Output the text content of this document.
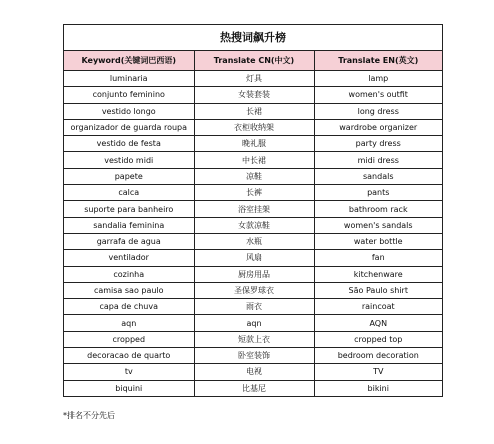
热搜词飙升榜
Keyword(关键词巴西语)	Translate CN(中文)	Translate EN(英文)
luminaria	灯具	lamp
conjunto feminino	女装套装	women's outfit
vestido longo	长裙	long dress
organizador de guarda roupa	衣柜收纳架	wardrobe organizer
vestido de festa	晚礼服	party dress
vestido midi	中长裙	midi dress
papete	凉鞋	sandals
calca	长裤	pants
suporte para banheiro	浴室挂架	bathroom rack
sandalia feminina	女款凉鞋	women's sandals
garrafa de agua	水瓶	water bottle
ventilador	风扇	fan
cozinha	厨房用品	kitchenware
camisa sao paulo	圣保罗球衣	São Paulo shirt
capa de chuva	雨衣	raincoat
aqn	aqn	AQN
cropped	短款上衣	cropped top
decoracao de quarto	卧室装饰	bedroom decoration
tv	电视	TV
biquini	比基尼	bikini
*排名不分先后
